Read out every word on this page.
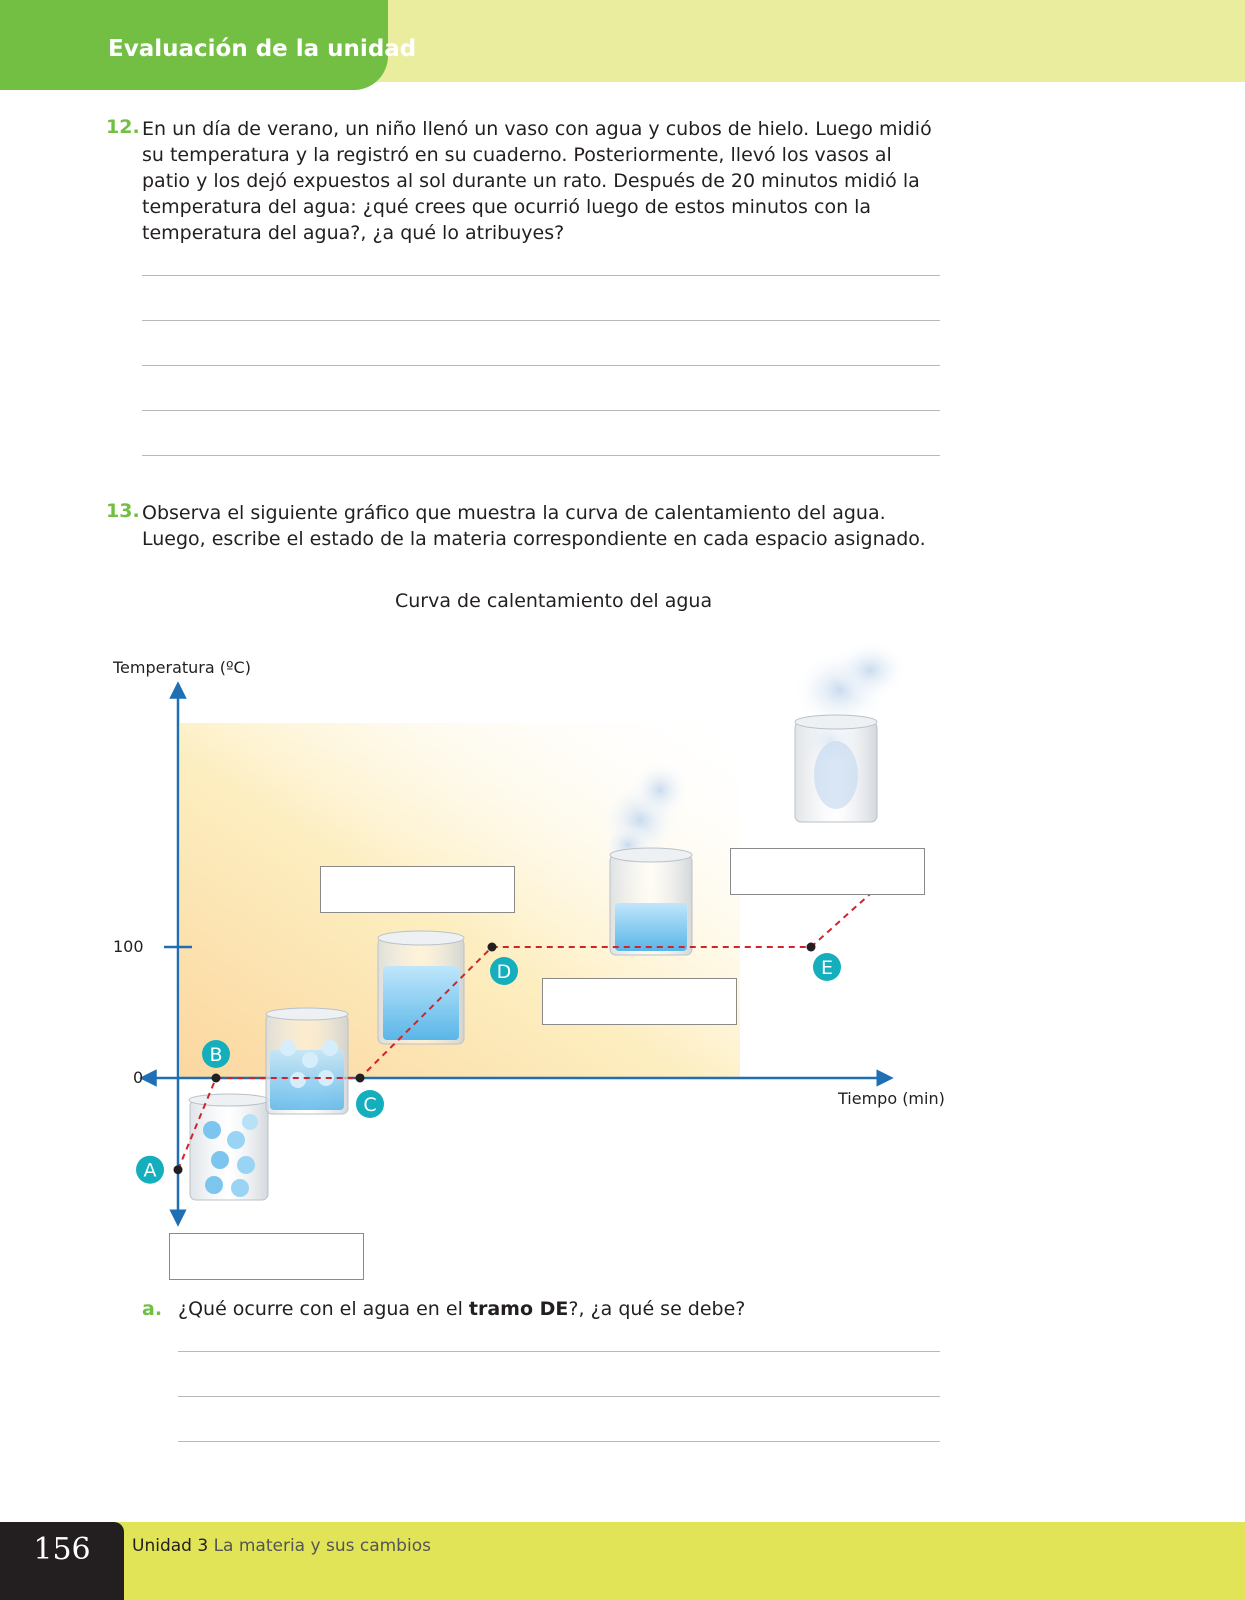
Evaluación de la unidad
12. En un día de verano, un niño llenó un vaso con agua y cubos de hielo. Luego midió su temperatura y la registró en su cuaderno. Posteriormente, llevó los vasos al patio y los dejó expuestos al sol durante un rato. Después de 20 minutos midió la temperatura del agua: ¿qué crees que ocurrió luego de estos minutos con la temperatura del agua?, ¿a qué lo atribuyes?
13. Observa el siguiente gráfico que muestra la curva de calentamiento del agua. Luego, escribe el estado de la materia correspondiente en cada espacio asignado.
Curva de calentamiento del agua
A
B
C
D	E
Temperatura (ºC)
Tiempo (min)
100
0
a. ¿Qué ocurre con el agua en el tramo DE?, ¿a qué se debe?
156	Unidad 3 La materia y sus cambios
